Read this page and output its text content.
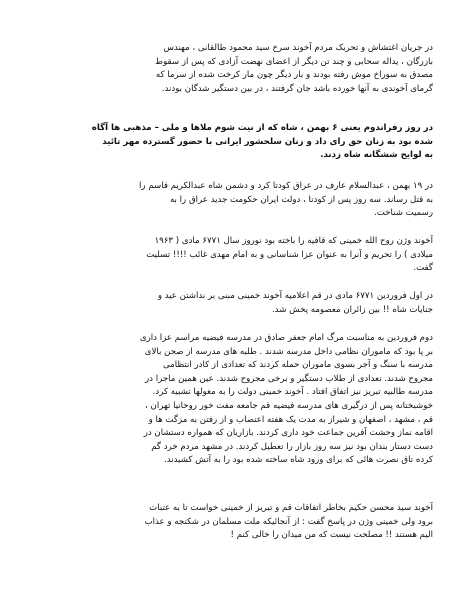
در جریان اغتشاش و تحریک مردم آخوند سرخ سید محمود طالقانی ، مهندس
بازرگان ، یداله سحابی و چند تن دیگر از اعضای نهضت آزادی که پس از سقوط
مصدق به سوراخ موش رفته بودند و بار دیگر چون مار کرخت شده از سرما که
گرمای آخوندی به آنها خورده باشد جان گرفتند ، در بین دستگیر شدگان بودند.
در روز رفراندوم یعنی ۶ بهمن ، شاه که از نیت شوم ملاها و ملی – مذهبی ها آگاه
شده بود به زنان حق رای داد و زنان سلحشور ایرانی با حضور گسترده مهر تائید
به لوایح ششگانه شاه زدند.
در ۱۹ بهمن ، عبدالسلام عارف در عراق کودتا کرد و دشمن شاه عبدالکریم قاسم را
به قتل رساند. سه روز پس از کودتا ، دولت ایران حکومت جدید عراق را به
رسمیت شناخت.
آخوند وژن روح الله خمینی که قافیه را باخته بود نوروز سال ۶۷۷۱ مادی ( ۱۹۶۳
میلادی ) را تحریم و آنرا به عنوان عزا شناسانی و به امام مهدی غائب !!!! تسلیت
گفت.
در اول فروردین ۶۷۷۱ مادی در قم اعلامیه آخوند خمینی مبنی بر نداشتن عید و
جنایات شاه !! بین زائران معصومه پخش شد.
دوم فروردین به مناسبت مرگ امام جعفر صادق در مدرسه فیضیه مراسم عزا داری
بر پا بود که ماموران نظامی داخل مدرسه شدند . طلبه های مدرسه از صحن بالای
مدرسه با سنگ و آجر بسوی ماموران حمله کردند که تعدادی از کادر انتظامی
مجروح شدند. تعدادی از طلاب دستگیر و برخی مجروح شدند. عین همین ماجرا در
مدرسه طالبیه تبریز نیز اتفاق افتاد . آخوند خمینی دولت را به مغولها تشبیه کرد.
خوشبختانه پس از درگیری های مدرسه فیضیه قم جامعه مفت خور روحانیا تهران ،
قم ، مشهد ، اصفهان و شیراز به مدت یک هفته اعتصاب و از رفتن به مزگت ها و
اقامه نماز وحشت آفرین جماعت خود داری کردند. بازاریان که همواره دستشان در
دست دستار بندان بود نیز سه روز بازار را تعطیل کردند. در مشهد مردم خرد گم
کرده تاق نصرت هائی که برای ورود شاه ساخته شده بود را به آتش کشیدند.
آخوند سید محسن حکیم بخاطر اتفاقات قم و تبریز از خمینی خواست تا به عتبات
برود ولی خمینی وژن در پاسخ گفت : از آنجائیکه ملت مسلمان در شکنجه و عذاب
الیم هستند !! مصلحت نیست که من میدان را خالی کنم !
